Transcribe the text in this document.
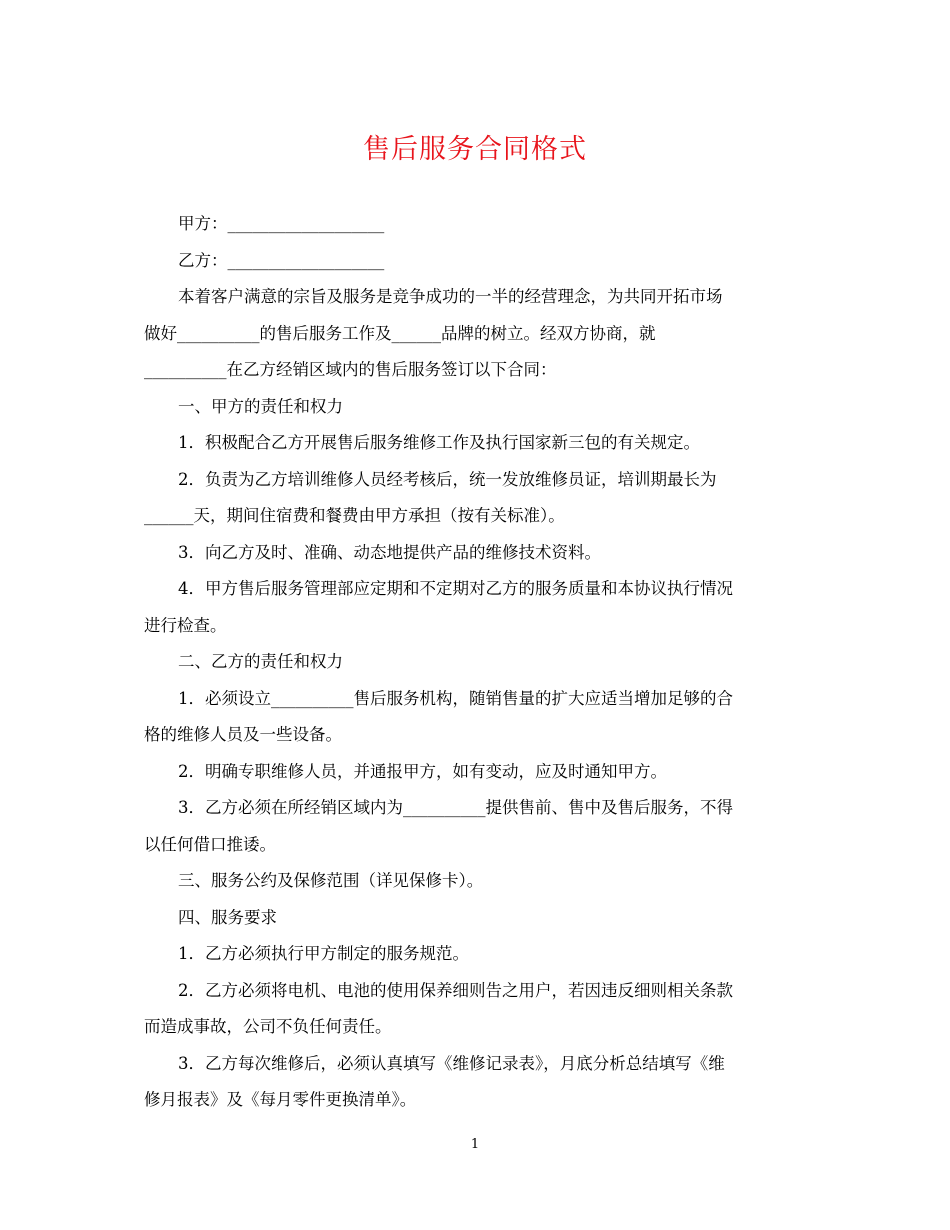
售后服务合同格式

甲方：___________________

乙方：___________________

本着客户满意的宗旨及服务是竞争成功的一半的经营理念，为共同开拓市场

做好__________的售后服务工作及______品牌的树立。经双方协商，就

__________在乙方经销区域内的售后服务签订以下合同：

一、甲方的责任和权力

1．积极配合乙方开展售后服务维修工作及执行国家新三包的有关规定。

2．负责为乙方培训维修人员经考核后，统一发放维修员证，培训期最长为

______天，期间住宿费和餐费由甲方承担（按有关标准）。

3．向乙方及时、准确、动态地提供产品的维修技术资料。

4．甲方售后服务管理部应定期和不定期对乙方的服务质量和本协议执行情况

进行检查。

二、乙方的责任和权力

1．必须设立__________售后服务机构，随销售量的扩大应适当增加足够的合

格的维修人员及一些设备。

2．明确专职维修人员，并通报甲方，如有变动，应及时通知甲方。

3．乙方必须在所经销区域内为__________提供售前、售中及售后服务，不得

以任何借口推诿。

三、服务公约及保修范围（详见保修卡）。

四、服务要求

1．乙方必须执行甲方制定的服务规范。

2．乙方必须将电机、电池的使用保养细则告之用户，若因违反细则相关条款

而造成事故，公司不负任何责任。

3．乙方每次维修后，必须认真填写《维修记录表》，月底分析总结填写《维

修月报表》及《每月零件更换清单》。

1
